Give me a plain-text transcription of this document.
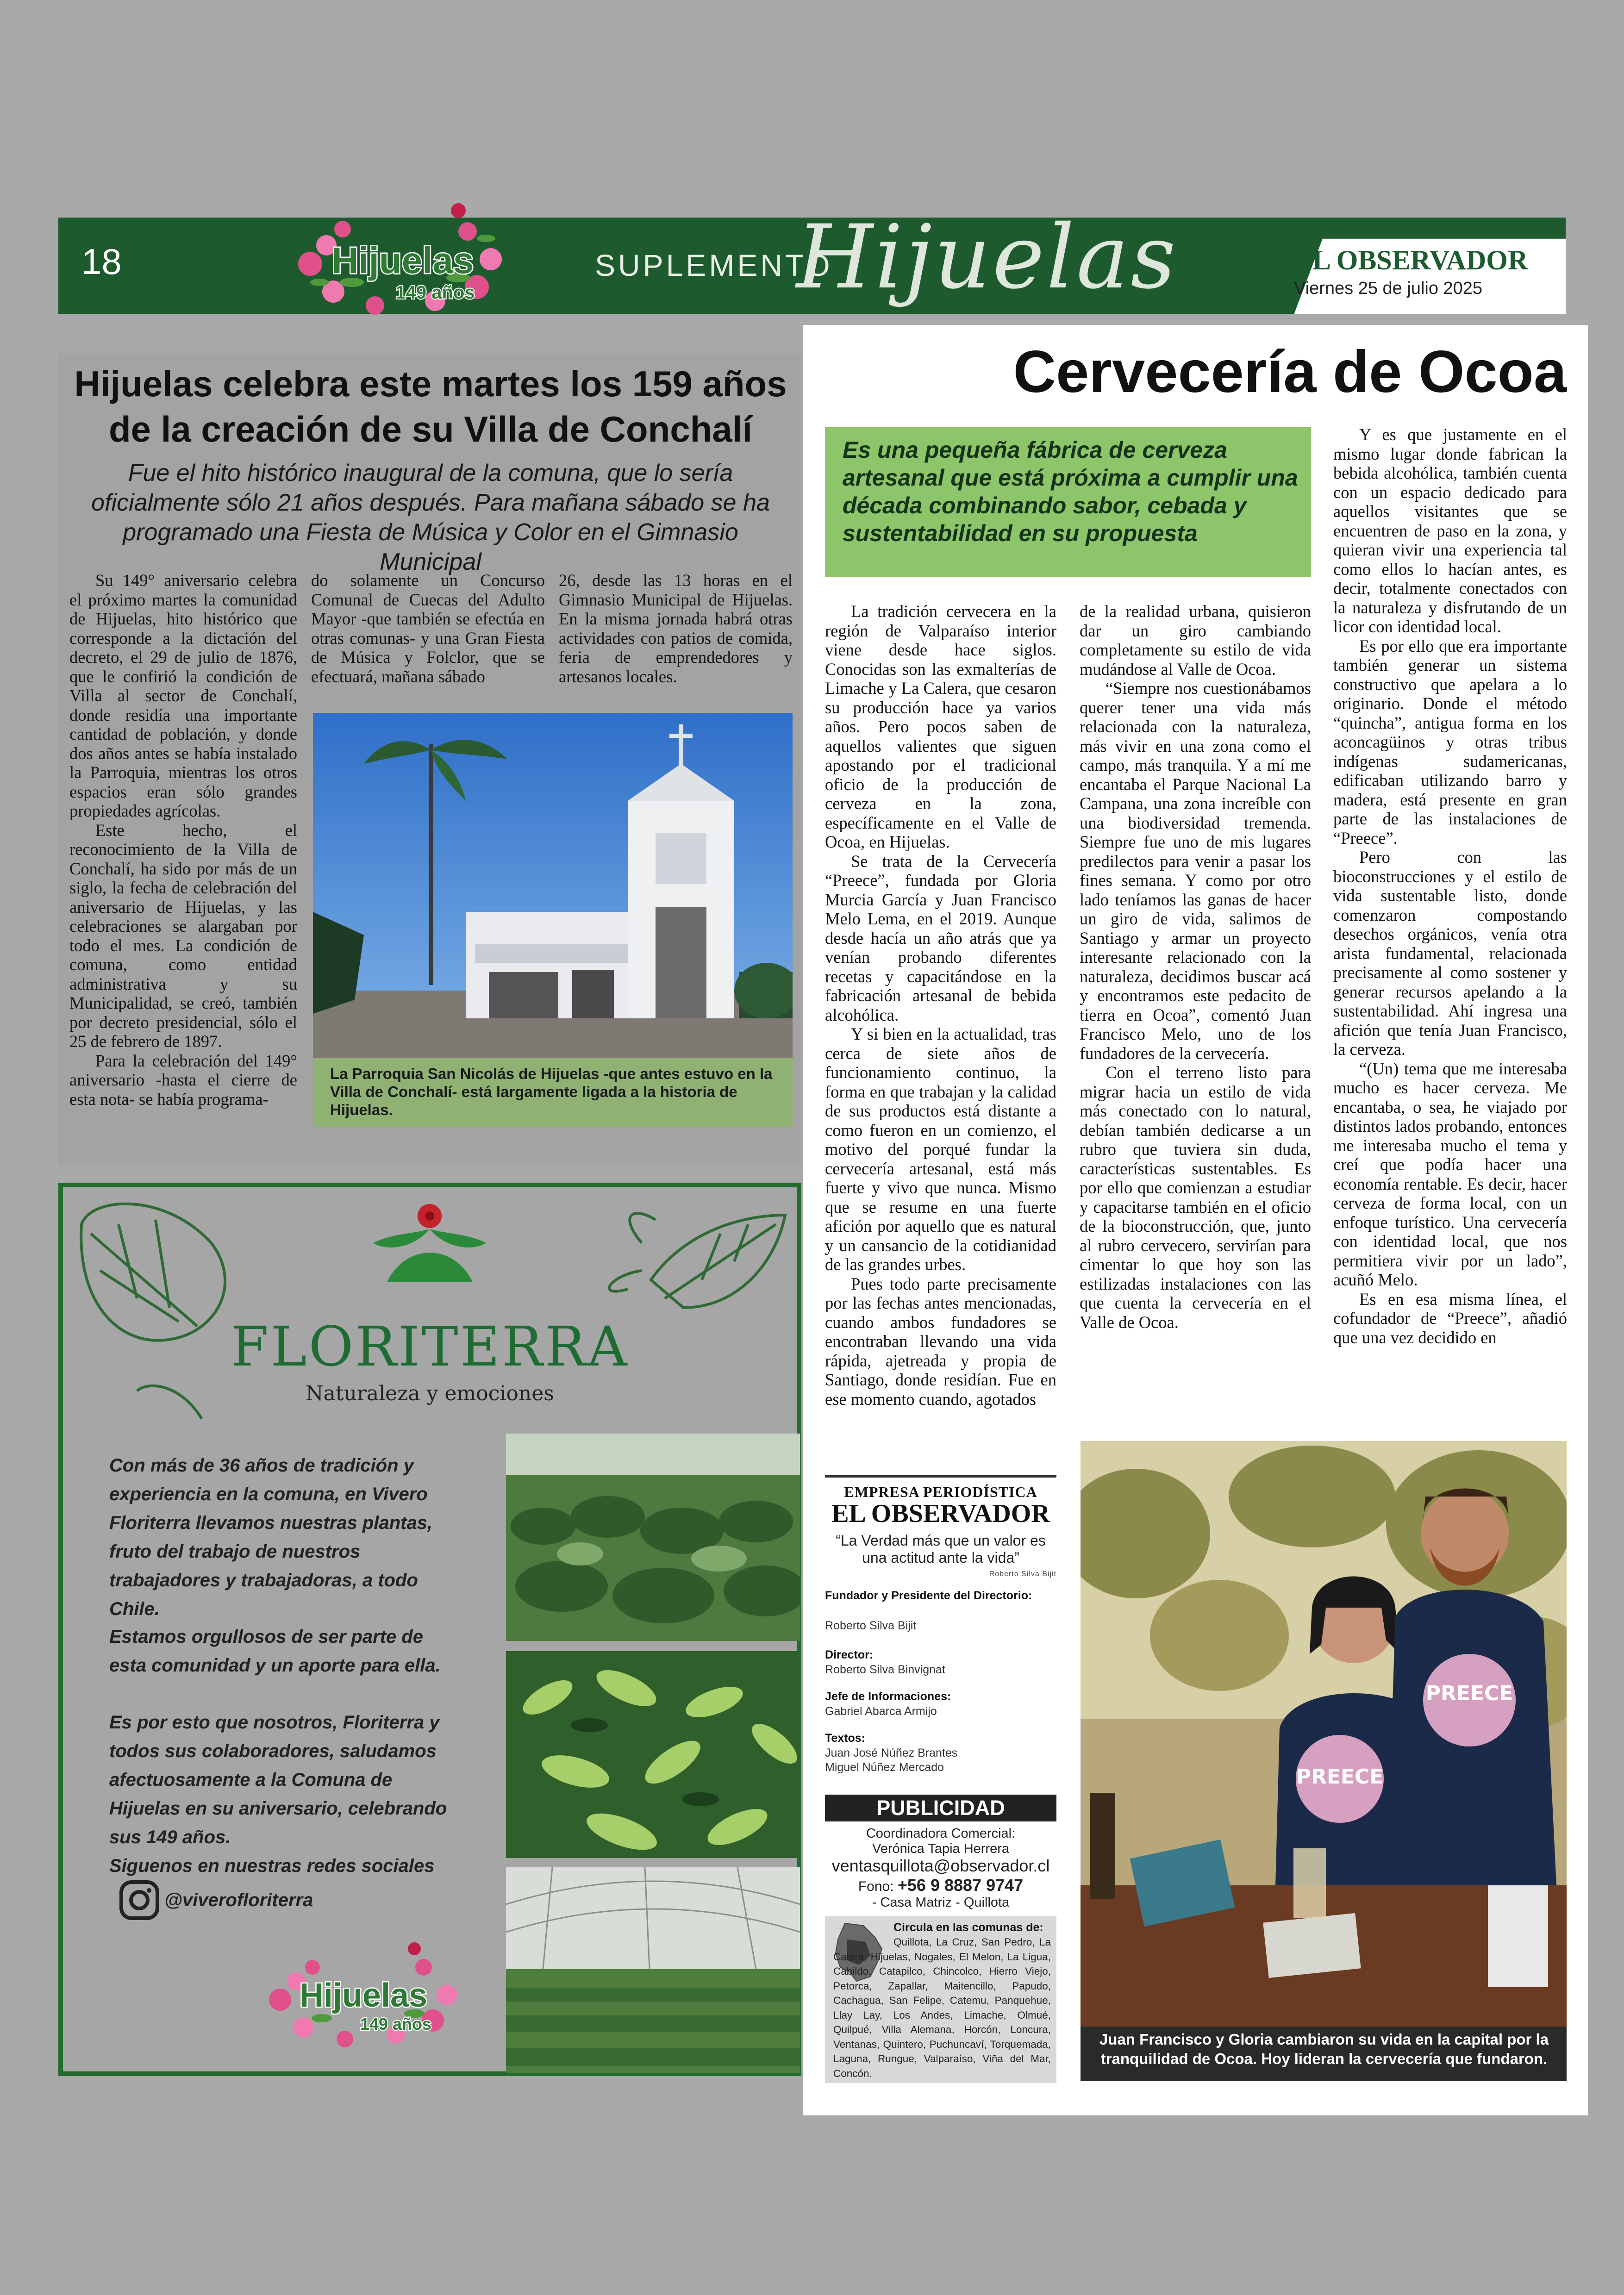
18	Hijuelas
149 años
SUPLEMENTO
Hijuelas	EL OBSERVADOR
Viernes 25 de julio 2025
Hijuelas celebra este martes los 159 años de la creación de su Villa de Conchalí
Fue el hito histórico inaugural de la comuna, que lo sería oficialmente sólo 21 años después. Para mañana sábado se ha programado una Fiesta de Música y Color en el Gimnasio Municipal

Su 149° aniversario celebra el próximo martes la comunidad de Hijuelas, hito histórico que corresponde a la dictación del decreto, el 29 de julio de 1876, que le confirió la condición de Villa al sector de Conchalí, donde residía una importante cantidad de población, y donde dos años antes se había instalado la Parroquia, mientras los otros espacios eran sólo grandes propiedades agrícolas.

Este hecho, el reconocimiento de la Villa de Conchalí, ha sido por más de un siglo, la fecha de celebración del aniversario de Hijuelas, y las celebraciones se alargaban por todo el mes. La condición de comuna, como entidad administrativa y su Municipalidad, se creó, también por decreto presidencial, sólo el 25 de febrero de 1897.

Para la celebración del 149° aniversario -hasta el cierre de esta nota- se había programa-

do solamente un Concurso Comunal de Cuecas del Adulto Mayor -que también se efectúa en otras comunas- y una Gran Fiesta de Música y Folclor, que se efectuará, mañana sábado

26, desde las 13 horas en el Gimnasio Municipal de Hijuelas. En la misma jornada habrá otras actividades con patios de comida, feria de emprendedores y artesanos locales.

La Parroquia San Nicolás de Hijuelas -que antes estuvo en la Villa de Conchalí- está largamente ligada a la historia de Hijuelas.
FLORITERRA
Naturaleza y emociones
Con más de 36 años de tradición y experiencia en la comuna, en Vivero Floriterra llevamos nuestras plantas, fruto del trabajo de nuestros trabajadores y trabajadoras, a todo Chile.
Estamos orgullosos de ser parte de esta comunidad y un aporte para ella.
Es por esto que nosotros, Floriterra y todos sus colaboradores, saludamos afectuosamente a la Comuna de Hijuelas en su aniversario, celebrando sus 149 años.
Siguenos en nuestras redes sociales
@viverofloriterra
Hijuelas
149 años
Cervecería de Ocoa
Es una pequeña fábrica de cerveza artesanal que está próxima a cumplir una década combinando sabor, cebada y sustentabilidad en su propuesta

La tradición cervecera en la región de Valparaíso interior viene desde hace siglos. Conocidas son las exmalterías de Limache y La Calera, que cesaron su producción hace ya varios años. Pero pocos saben de aquellos valientes que siguen apostando por el tradicional oficio de la producción de cerveza en la zona, específicamente en el Valle de Ocoa, en Hijuelas.

Se trata de la Cervecería “Preece”, fundada por Gloria Murcia García y Juan Francisco Melo Lema, en el 2019. Aunque desde hacía un año atrás que ya venían probando diferentes recetas y capacitándose en la fabricación artesanal de bebida alcohólica.

Y si bien en la actualidad, tras cerca de siete años de funcionamiento continuo, la forma en que trabajan y la calidad de sus productos está distante a como fueron en un comienzo, el motivo del porqué fundar la cervecería artesanal, está más fuerte y vivo que nunca. Mismo que se resume en una fuerte afición por aquello que es natural y un cansancio de la cotidianidad de las grandes urbes.

Pues todo parte precisamente por las fechas antes mencionadas, cuando ambos fundadores se encontraban llevando una vida rápida, ajetreada y propia de Santiago, donde residían. Fue en ese momento cuando, agotados

de la realidad urbana, quisieron dar un giro cambiando completamente su estilo de vida mudándose al Valle de Ocoa.

“Siempre nos cuestionábamos querer tener una vida más relacionada con la naturaleza, más vivir en una zona como el campo, más tranquila. Y a mí me encantaba el Parque Nacional La Campana, una zona increíble con una biodiversidad tremenda. Siempre fue uno de mis lugares predilectos para venir a pasar los fines semana. Y como por otro lado teníamos las ganas de hacer un giro de vida, salimos de Santiago y armar un proyecto interesante relacionado con la naturaleza, decidimos buscar acá y encontramos este pedacito de tierra en Ocoa”, comentó Juan Francisco Melo, uno de los fundadores de la cervecería.

Con el terreno listo para migrar hacia un estilo de vida más conectado con lo natural, debían también dedicarse a un rubro que tuviera sin duda, características sustentables. Es por ello que comienzan a estudiar y capacitarse también en el oficio de la bioconstrucción, que, junto al rubro cervecero, servirían para cimentar lo que hoy son las estilizadas instalaciones con las que cuenta la cervecería en el Valle de Ocoa.

Y es que justamente en el mismo lugar donde fabrican la bebida alcohólica, también cuenta con un espacio dedicado para aquellos visitantes que se encuentren de paso en la zona, y quieran vivir una experiencia tal como ellos lo hacían antes, es decir, totalmente conectados con la naturaleza y disfrutando de un licor con identidad local.

Es por ello que era importante también generar un sistema constructivo que apelara a lo originario. Donde el método “quincha”, antigua forma en los aconcagüinos y otras tribus indígenas sudamericanas, edificaban utilizando barro y madera, está presente en gran parte de las instalaciones de “Preece”.

Pero con las bioconstrucciones y el estilo de vida sustentable listo, donde comenzaron compostando desechos orgánicos, venía otra arista fundamental, relacionada precisamente al como sostener y generar recursos apelando a la sustentabilidad. Ahí ingresa una afición que tenía Juan Francisco, la cerveza.

“(Un) tema que me interesaba mucho es hacer cerveza. Me encantaba, o sea, he viajado por distintos lados probando, entonces me interesaba mucho el tema y creí que podía hacer una economía rentable. Es decir, hacer cerveza de forma local, con un enfoque turístico. Una cervecería con identidad local, que nos permitiera vivir por un lado”, acuñó Melo.

Es en esa misma línea, el cofundador de “Preece”, añadió que una vez decidido en

EMPRESA PERIODÍSTICA
EL OBSERVADOR
“La Verdad más que un valor es una actitud ante la vida”
Roberto Silva Bijit
Fundador y Presidente del Directorio:
Roberto Silva Bijit
Director:
Roberto Silva Binvignat
Jefe de Informaciones:
Gabriel Abarca Armijo
Textos:
Juan José Núñez Brantes
Miguel Núñez Mercado
PUBLICIDAD
Coordinadora Comercial:
Verónica Tapia Herrera
ventasquillota@observador.cl
Fono: +56 9 8887 9747
- Casa Matriz - Quillota
Circula en las comunas de:
Quillota, La Cruz, San Pedro, La Calera, Hijuelas, Nogales, El Melon, La Ligua, Cabildo, Catapilco, Chincolco, Hierro Viejo, Petorca, Zapallar, Maitencillo, Papudo, Cachagua, San Felipe, Catemu, Panquehue, Llay Lay, Los Andes, Limache, Olmué, Quilpué, Villa Alemana, Horcón, Loncura, Ventanas, Quintero, Puchuncaví, Torquemada, Laguna, Rungue, Valparaíso, Viña del Mar, Concón.
PREECE
PREECE
Juan Francisco y Gloria cambiaron su vida en la capital por la tranquilidad de Ocoa. Hoy lideran la cervecería que fundaron.
